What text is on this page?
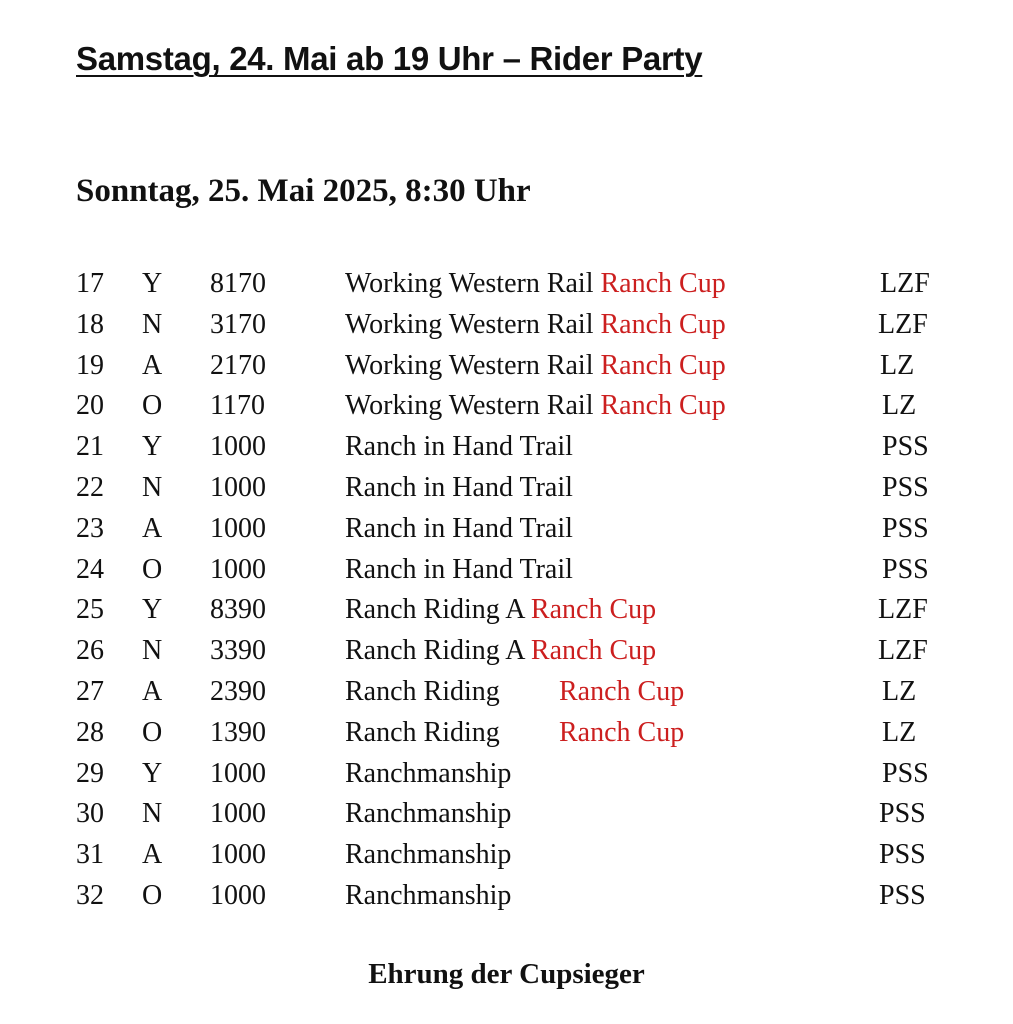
Samstag, 24. Mai ab 19 Uhr – Rider Party
Sonntag, 25. Mai 2025, 8:30 Uhr
17 Y 8170	Working Western Rail Ranch Cup	LZF
18 N 3170	Working Western Rail Ranch Cup	LZF
19 A 2170	Working Western Rail Ranch Cup	LZ
20 O 1170	Working Western Rail Ranch Cup	LZ
21 Y 1000	Ranch in Hand Trail	PSS
22 N 1000	Ranch in Hand Trail	PSS
23 A 1000	Ranch in Hand Trail	PSS
24 O 1000	Ranch in Hand Trail	PSS
25 Y 8390	Ranch Riding A Ranch Cup	LZF
26 N 3390	Ranch Riding A Ranch Cup	LZF
27 A 2390	Ranch Riding Ranch Cup	LZ
28 O 1390	Ranch Riding Ranch Cup	LZ
29 Y 1000	Ranchmanship	PSS
30 N 1000	Ranchmanship	PSS
31 A 1000	Ranchmanship	PSS
32 O 1000	Ranchmanship	PSS

Ehrung der Cupsieger
